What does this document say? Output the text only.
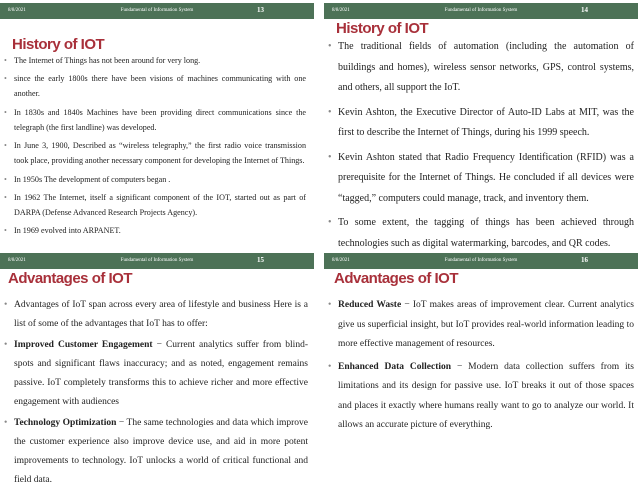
8/8/2021	Fundamental of Information System	13
History of IOT
• The Internet of Things has not been around for very long.
• since the early 1800s there have been visions of machines communicating with one another.
• In 1830s and 1840s Machines have been providing direct communications since the telegraph (the first landline) was developed.
• In June 3, 1900, Described as “wireless telegraphy,” the first radio voice transmission took place, providing another necessary component for developing the Internet of Things.
• In 1950s The development of computers began .
• In 1962 The Internet, itself a significant component of the IOT, started out as part of DARPA (Defense Advanced Research Projects Agency).
• In 1969 evolved into ARPANET.
8/8/2021	Fundamental of Information System	14
History of IOT
• The traditional fields of automation (including the automation of buildings and homes), wireless sensor networks, GPS, control systems, and others, all support the IoT.
• Kevin Ashton, the Executive Director of Auto-ID Labs at MIT, was the first to describe the Internet of Things, during his 1999 speech.
• Kevin Ashton stated that Radio Frequency Identification (RFID) was a prerequisite for the Internet of Things. He concluded if all devices were “tagged,” computers could manage, track, and inventory them.
• To some extent, the tagging of things has been achieved through technologies such as digital watermarking, barcodes, and QR codes.
8/8/2021	Fundamental of Information System	15
Advantages of IOT
• Advantages of IoT span across every area of lifestyle and business Here is a list of some of the advantages that IoT has to offer:
• Improved Customer Engagement − Current analytics suffer from blind-spots and significant flaws inaccuracy; and as noted, engagement remains passive. IoT completely transforms this to achieve richer and more effective engagement with audiences
• Technology Optimization − The same technologies and data which improve the customer experience also improve device use, and aid in more potent improvements to technology. IoT unlocks a world of critical functional and field data.
8/8/2021	Fundamental of Information System	16
Advantages of IOT
• Reduced Waste − IoT makes areas of improvement clear. Current analytics give us superficial insight, but IoT provides real-world information leading to more effective management of resources.
• Enhanced Data Collection − Modern data collection suffers from its limitations and its design for passive use. IoT breaks it out of those spaces and places it exactly where humans really want to go to analyze our world. It allows an accurate picture of everything.
